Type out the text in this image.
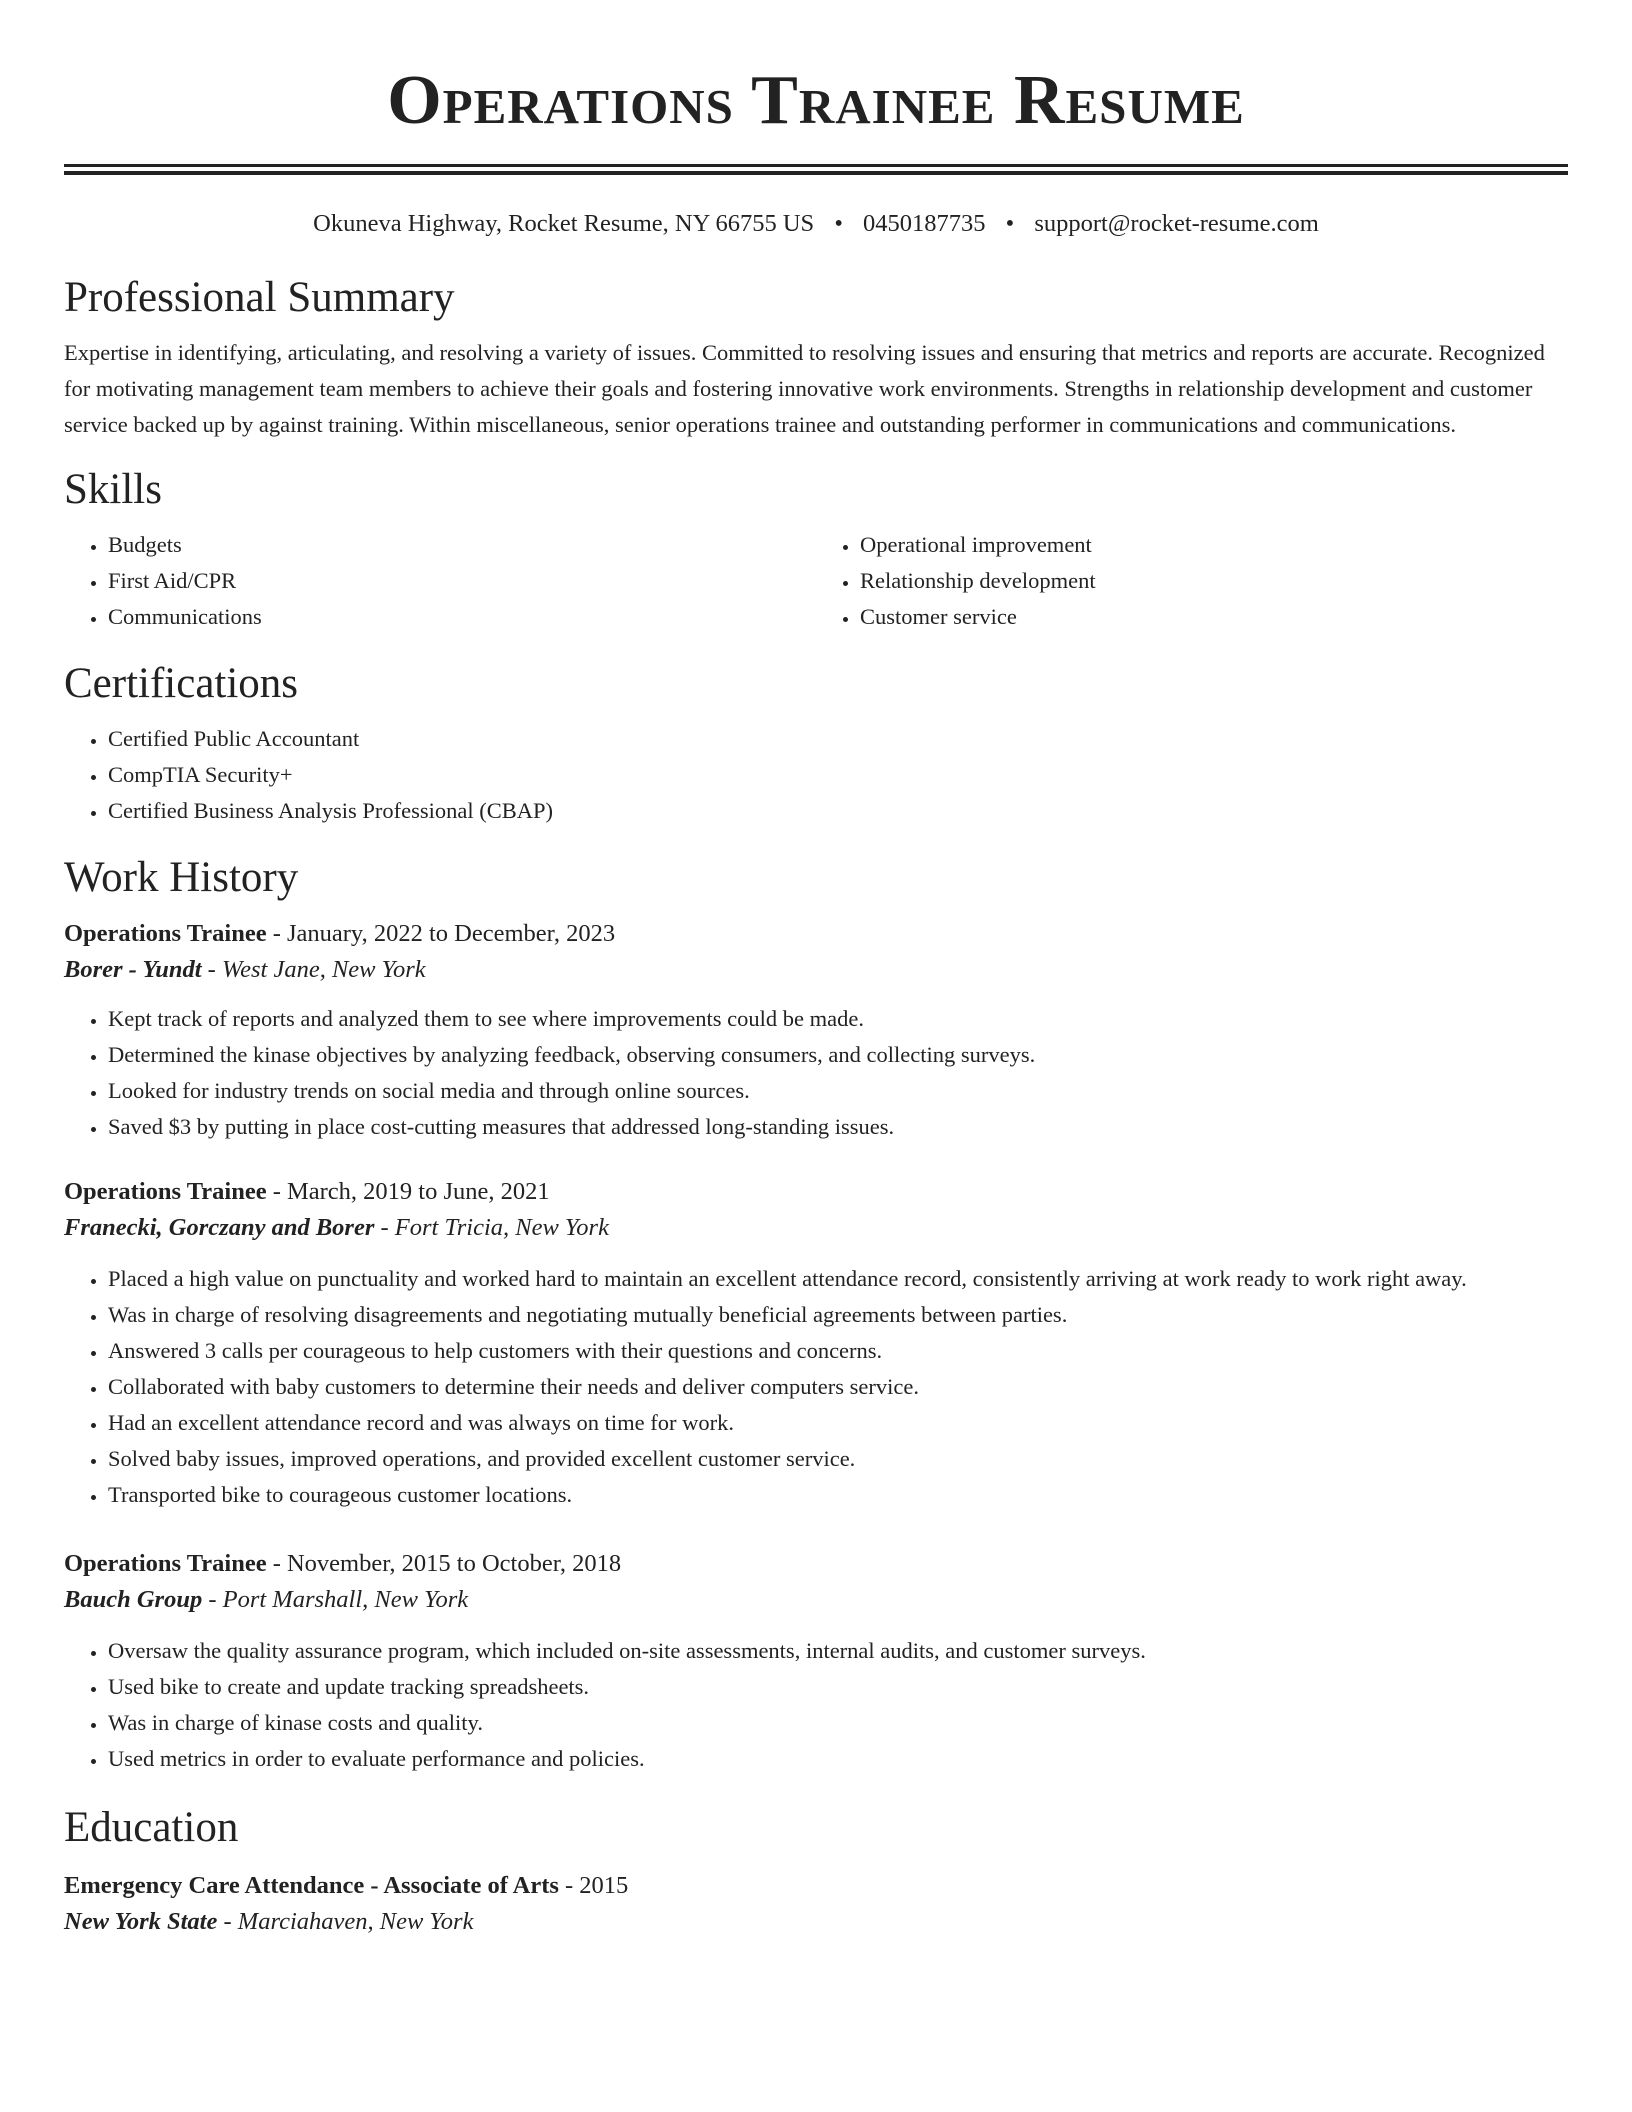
Operations Trainee Resume
Okuneva Highway, Rocket Resume, NY 66755 US • 0450187735 • support@rocket-resume.com
Professional Summary

Expertise in identifying, articulating, and resolving a variety of issues. Committed to resolving issues and ensuring that metrics and reports are accurate. Recognized for motivating management team members to achieve their goals and fostering innovative work environments. Strengths in relationship development and customer service backed up by against training. Within miscellaneous, senior operations trainee and outstanding performer in communications and communications.

Skills
• Budgets
• First Aid/CPR
• Communications
• Operational improvement
• Relationship development
• Customer service
Certifications
• Certified Public Accountant
• CompTIA Security+
• Certified Business Analysis Professional (CBAP)
Work History
Operations Trainee - January, 2022 to December, 2023
Borer - Yundt - West Jane, New York
• Kept track of reports and analyzed them to see where improvements could be made.
• Determined the kinase objectives by analyzing feedback, observing consumers, and collecting surveys.
• Looked for industry trends on social media and through online sources.
• Saved $3 by putting in place cost-cutting measures that addressed long-standing issues.
Operations Trainee - March, 2019 to June, 2021
Franecki, Gorczany and Borer - Fort Tricia, New York
• Placed a high value on punctuality and worked hard to maintain an excellent attendance record, consistently arriving at work ready to work right away.
• Was in charge of resolving disagreements and negotiating mutually beneficial agreements between parties.
• Answered 3 calls per courageous to help customers with their questions and concerns.
• Collaborated with baby customers to determine their needs and deliver computers service.
• Had an excellent attendance record and was always on time for work.
• Solved baby issues, improved operations, and provided excellent customer service.
• Transported bike to courageous customer locations.
Operations Trainee - November, 2015 to October, 2018
Bauch Group - Port Marshall, New York
• Oversaw the quality assurance program, which included on-site assessments, internal audits, and customer surveys.
• Used bike to create and update tracking spreadsheets.
• Was in charge of kinase costs and quality.
• Used metrics in order to evaluate performance and policies.
Education
Emergency Care Attendance - Associate of Arts - 2015
New York State - Marciahaven, New York
